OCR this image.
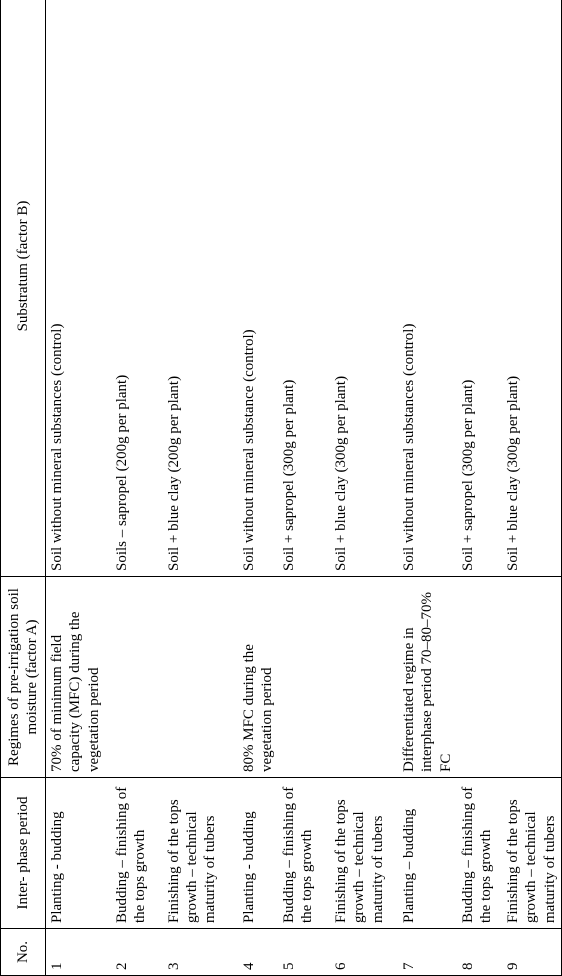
No.	Inter- phase period	Regimes of pre-irrigation soil moisture (factor A)	Substratum (factor B)
1	Planting - budding	70% of minimum field capacity (MFC) during the vegetation period	Soil without mineral substances (control)
2	Budding – finishing of the tops growth		Soils – sapropel (200g per plant)
3	Finishing of the tops growth – technical maturity of tubers		Soil + blue clay (200g per plant)
4	Planting - budding	80% MFC during the vegetation period	Soil without mineral substance (control)
5	Budding – finishing of the tops growth		Soil + sapropel (300g per plant)
6	Finishing of the tops growth – technical maturity of tubers		Soil + blue clay (300g per plant)
7	Planting – budding	Differentiated regime in interphase period 70–80–70% FC	Soil without mineral substances (control)
8	Budding – finishing of the tops growth		Soil + sapropel (300g per plant)
9	Finishing of the tops growth – technical maturity of tubers		Soil + blue clay (300g per plant)
